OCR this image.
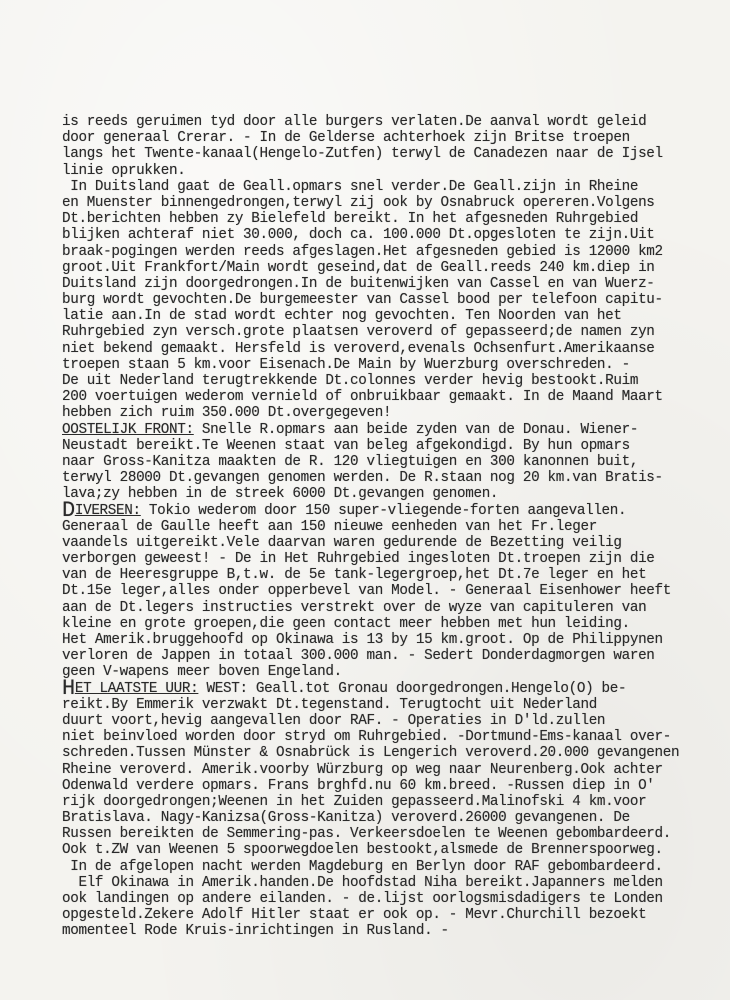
is reeds geruimen tyd door alle burgers verlaten.De aanval wordt geleid
door generaal Crerar. - In de Gelderse achterhoek zijn Britse troepen
langs het Twente-kanaal(Hengelo-Zutfen) terwyl de Canadezen naar de Ijsel
linie oprukken.
In Duitsland gaat de Geall.opmars snel verder.De Geall.zijn in Rheine
en Muenster binnengedrongen,terwyl zij ook by Osnabruck opereren.Volgens
Dt.berichten hebben zy Bielefeld bereikt. In het afgesneden Ruhrgebied
blijken achteraf niet 30.000, doch ca. 100.000 Dt.opgesloten te zijn.Uit
braak-pogingen werden reeds afgeslagen.Het afgesneden gebied is 12000 km2
groot.Uit Frankfort/Main wordt geseind,dat de Geall.reeds 240 km.diep in
Duitsland zijn doorgedrongen.In de buitenwijken van Cassel en van Wuerz-
burg wordt gevochten.De burgemeester van Cassel bood per telefoon capitu-
latie aan.In de stad wordt echter nog gevochten. Ten Noorden van het
Ruhrgebied zyn versch.grote plaatsen veroverd of gepasseerd;de namen zyn
niet bekend gemaakt. Hersfeld is veroverd,evenals Ochsenfurt.Amerikaanse
troepen staan 5 km.voor Eisenach.De Main by Wuerzburg overschreden. -
De uit Nederland terugtrekkende Dt.colonnes verder hevig bestookt.Ruim
200 voertuigen wederom vernield of onbruikbaar gemaakt. In de Maand Maart
hebben zich ruim 350.000 Dt.overgegeven!
OOSTELIJK FRONT: Snelle R.opmars aan beide zyden van de Donau. Wiener-
Neustadt bereikt.Te Weenen staat van beleg afgekondigd. By hun opmars
naar Gross-Kanitza maakten de R. 120 vliegtuigen en 300 kanonnen buit,
terwyl 28000 Dt.gevangen genomen werden. De R.staan nog 20 km.van Bratis-
lava;zy hebben in de streek 6000 Dt.gevangen genomen.
DIVERSEN: Tokio wederom door 150 super-vliegende-forten aangevallen.
Generaal de Gaulle heeft aan 150 nieuwe eenheden van het Fr.leger
vaandels uitgereikt.Vele daarvan waren gedurende de Bezetting veilig
verborgen geweest! - De in Het Ruhrgebied ingesloten Dt.troepen zijn die
van de Heeresgruppe B,t.w. de 5e tank-legergroep,het Dt.7e leger en het
Dt.15e leger,alles onder opperbevel van Model. - Generaal Eisenhower heeft
aan de Dt.legers instructies verstrekt over de wyze van capituleren van
kleine en grote groepen,die geen contact meer hebben met hun leiding.
Het Amerik.bruggehoofd op Okinawa is 13 by 15 km.groot. Op de Philippynen
verloren de Jappen in totaal 300.000 man. - Sedert Donderdagmorgen waren
geen V-wapens meer boven Engeland.
HET LAATSTE UUR: WEST: Geall.tot Gronau doorgedrongen.Hengelo(O) be-
reikt.By Emmerik verzwakt Dt.tegenstand. Terugtocht uit Nederland
duurt voort,hevig aangevallen door RAF. - Operaties in D'ld.zullen
niet beinvloed worden door stryd om Ruhrgebied. -Dortmund-Ems-kanaal over-
schreden.Tussen Münster & Osnabrück is Lengerich veroverd.20.000 gevangenen
Rheine veroverd. Amerik.voorby Würzburg op weg naar Neurenberg.Ook achter
Odenwald verdere opmars. Frans brghfd.nu 60 km.breed. -Russen diep in O'
rijk doorgedrongen;Weenen in het Zuiden gepasseerd.Malinofski 4 km.voor
Bratislava. Nagy-Kanizsa(Gross-Kanitza) veroverd.26000 gevangenen. De
Russen bereikten de Semmering-pas. Verkeersdoelen te Weenen gebombardeerd.
Ook t.ZW van Weenen 5 spoorwegdoelen bestookt,alsmede de Brennerspoorweg.
In de afgelopen nacht werden Magdeburg en Berlyn door RAF gebombardeerd.
Elf Okinawa in Amerik.handen.De hoofdstad Niha bereikt.Japanners melden
ook landingen op andere eilanden. - de.lijst oorlogsmisdadigers te Londen
opgesteld.Zekere Adolf Hitler staat er ook op. - Mevr.Churchill bezoekt
momenteel Rode Kruis-inrichtingen in Rusland. -
